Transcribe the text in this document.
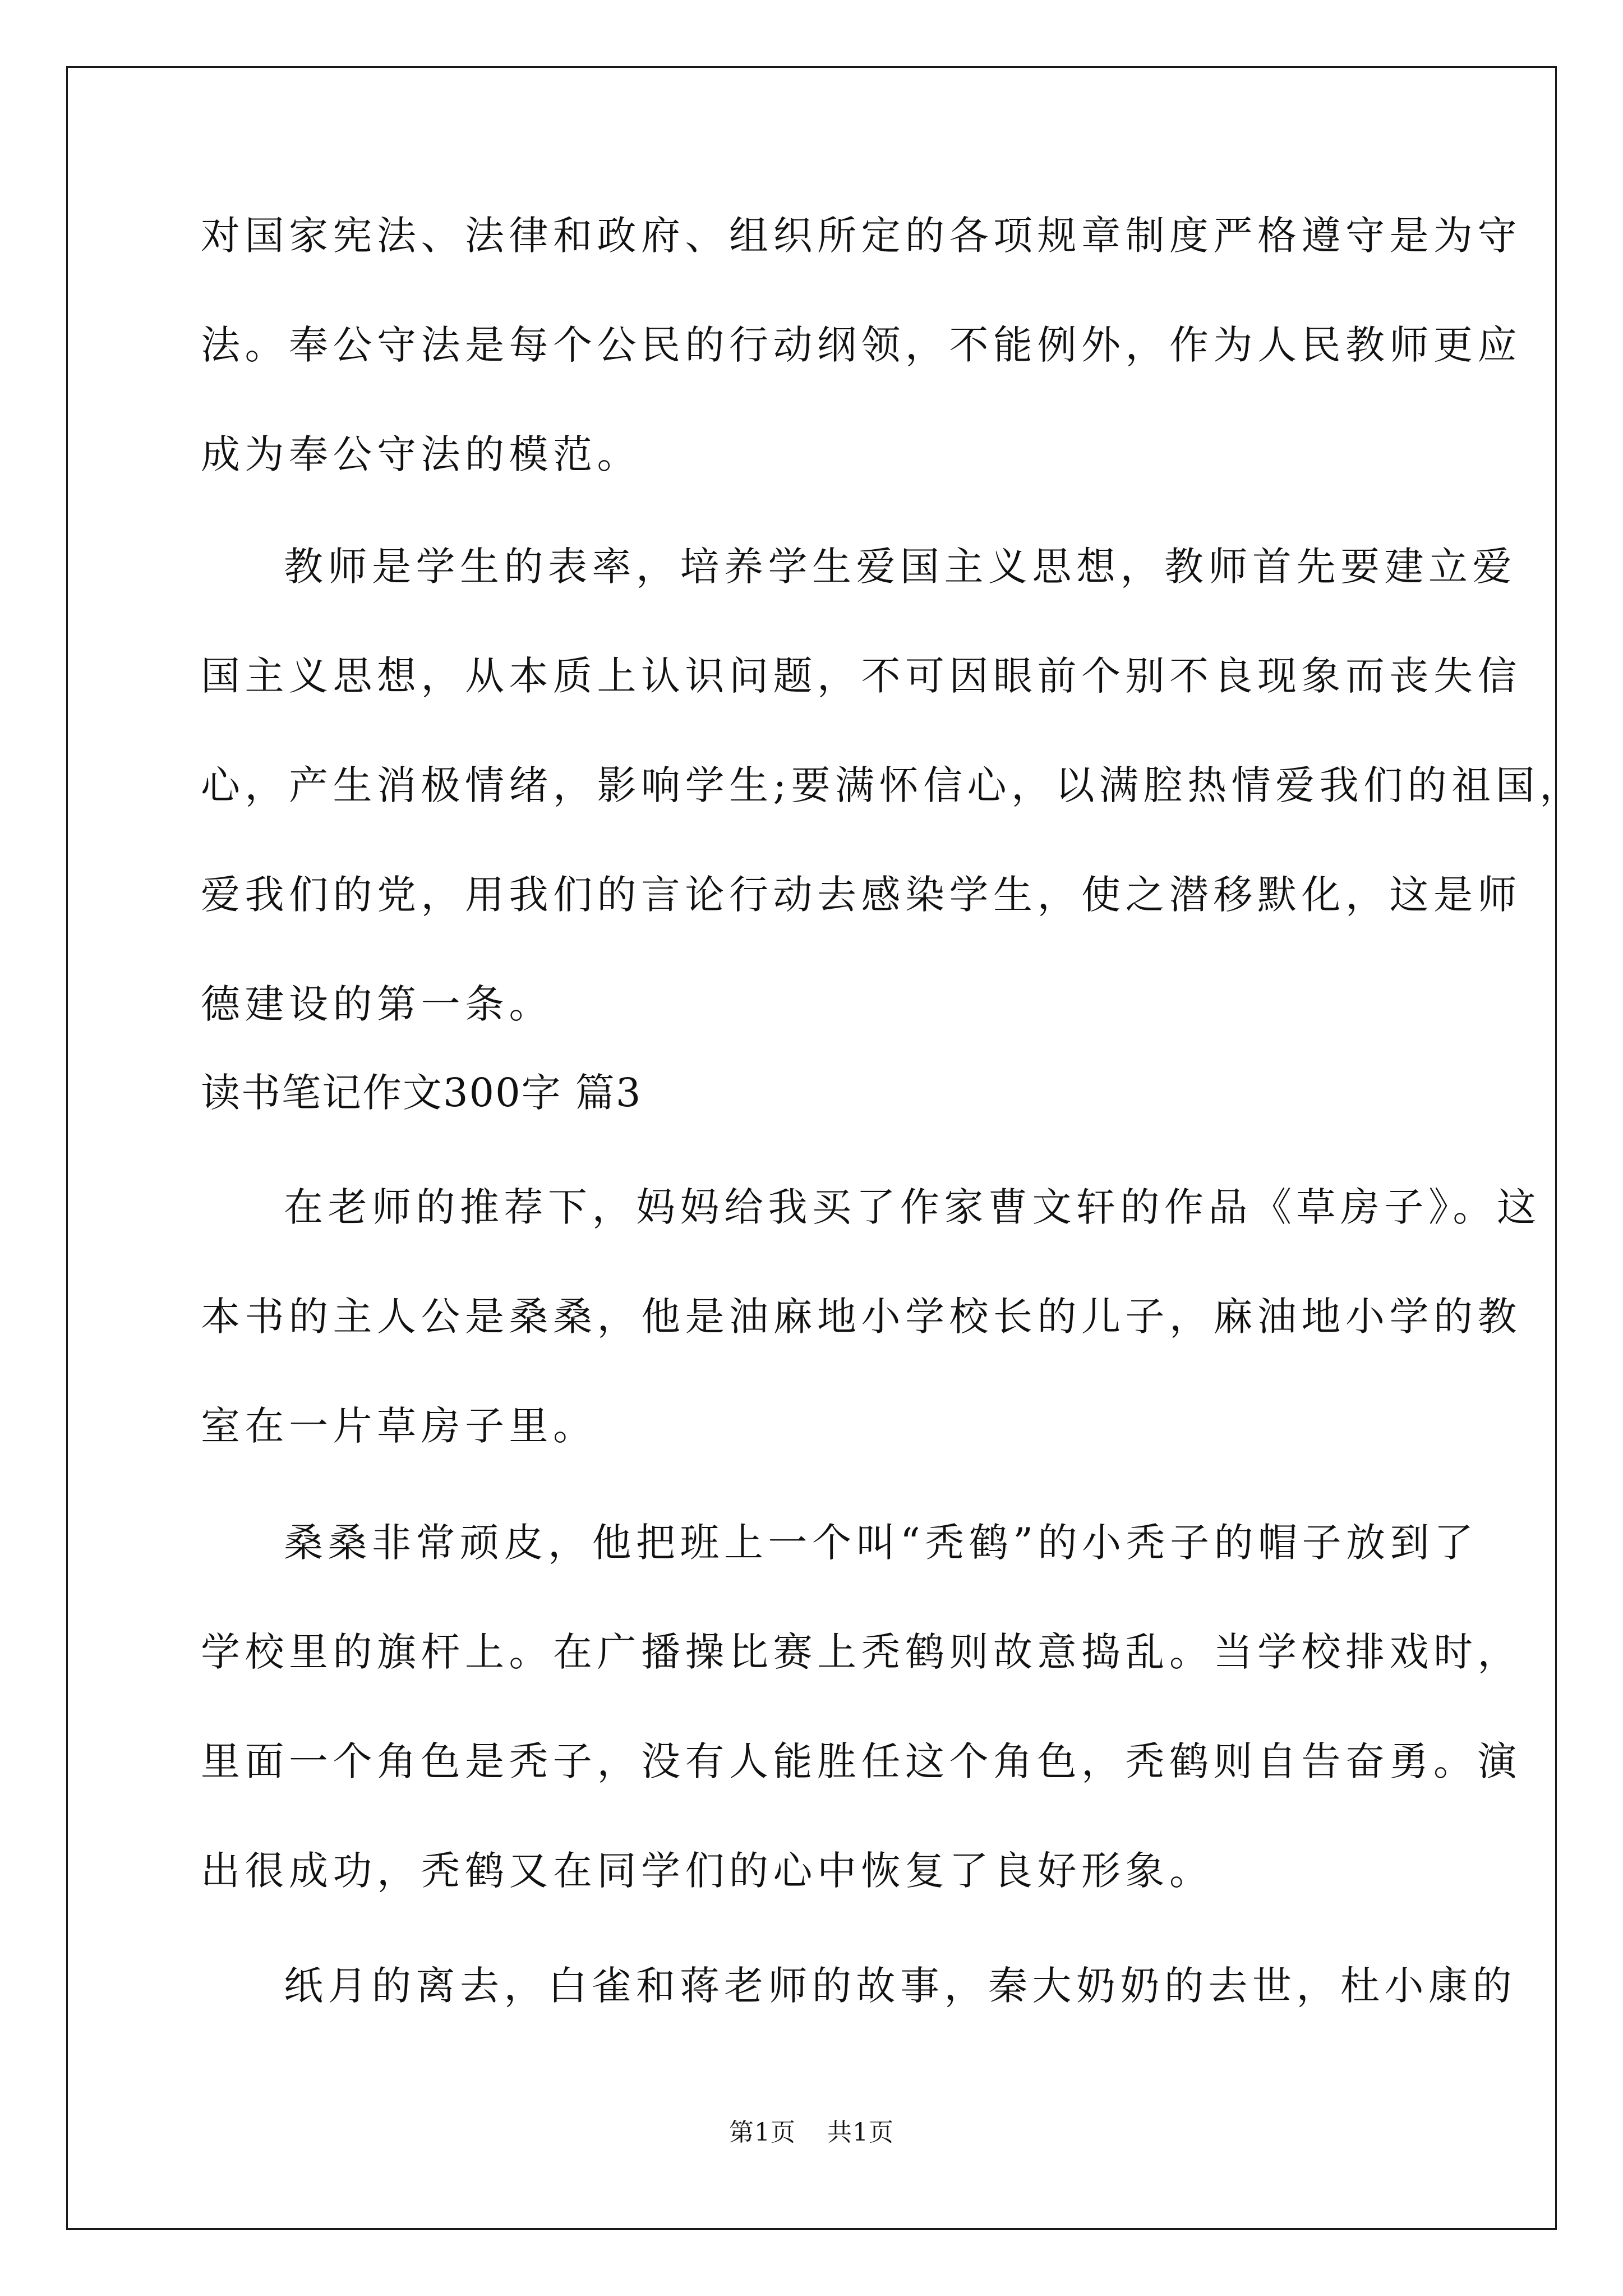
对国家宪法、法律和政府、组织所定的各项规章制度严格遵守是为守
法。奉公守法是每个公民的行动纲领，不能例外，作为人民教师更应
成为奉公守法的模范。
教师是学生的表率，培养学生爱国主义思想，教师首先要建立爱
国主义思想，从本质上认识问题，不可因眼前个别不良现象而丧失信
心，产生消极情绪，影响学生;要满怀信心，以满腔热情爱我们的祖国，
爱我们的党，用我们的言论行动去感染学生，使之潜移默化，这是师
德建设的第一条。
读书笔记作文300字 篇3
在老师的推荐下，妈妈给我买了作家曹文轩的作品《草房子》。这
本书的主人公是桑桑，他是油麻地小学校长的儿子，麻油地小学的教
室在一片草房子里。
桑桑非常顽皮，他把班上一个叫“秃鹤”的小秃子的帽子放到了
学校里的旗杆上。在广播操比赛上秃鹤则故意捣乱。当学校排戏时，
里面一个角色是秃子，没有人能胜任这个角色，秃鹤则自告奋勇。演
出很成功，秃鹤又在同学们的心中恢复了良好形象。
纸月的离去，白雀和蒋老师的故事，秦大奶奶的去世，杜小康的
第1页 共1页
